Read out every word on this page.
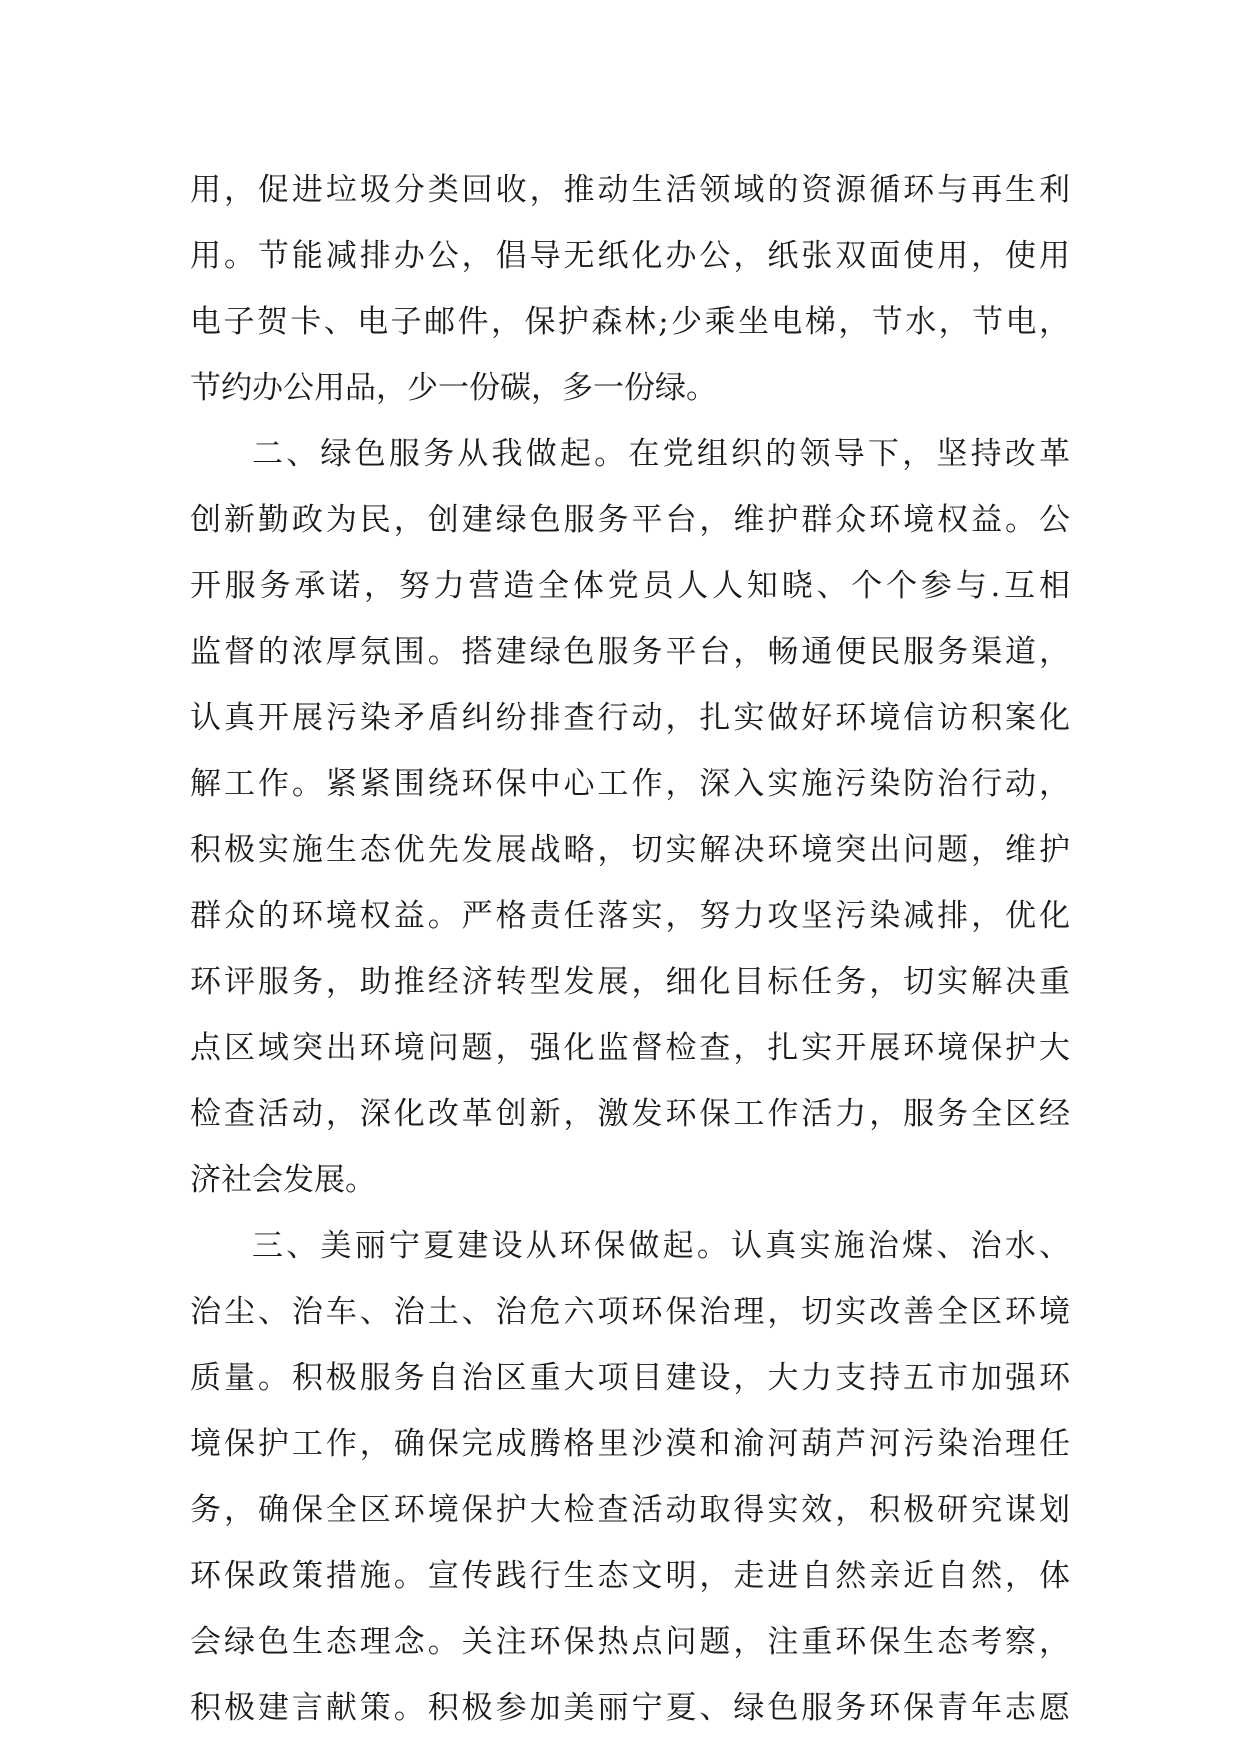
用，促进垃圾分类回收，推动生活领域的资源循环与再生利
用。节能减排办公，倡导无纸化办公，纸张双面使用，使用
电子贺卡、电子邮件，保护森林;少乘坐电梯，节水，节电，
节约办公用品，少一份碳，多一份绿。
二、绿色服务从我做起。在党组织的领导下，坚持改革
创新勤政为民，创建绿色服务平台，维护群众环境权益。公
开服务承诺，努力营造全体党员人人知晓、个个参与.互相
监督的浓厚氛围。搭建绿色服务平台，畅通便民服务渠道，
认真开展污染矛盾纠纷排查行动，扎实做好环境信访积案化
解工作。紧紧围绕环保中心工作，深入实施污染防治行动，
积极实施生态优先发展战略，切实解决环境突出问题，维护
群众的环境权益。严格责任落实，努力攻坚污染减排，优化
环评服务，助推经济转型发展，细化目标任务，切实解决重
点区域突出环境问题，强化监督检查，扎实开展环境保护大
检查活动，深化改革创新，激发环保工作活力，服务全区经
济社会发展。
三、美丽宁夏建设从环保做起。认真实施治煤、治水、
治尘、治车、治土、治危六项环保治理，切实改善全区环境
质量。积极服务自治区重大项目建设，大力支持五市加强环
境保护工作，确保完成腾格里沙漠和渝河葫芦河污染治理任
务，确保全区环境保护大检查活动取得实效，积极研究谋划
环保政策措施。宣传践行生态文明，走进自然亲近自然，体
会绿色生态理念。关注环保热点问题，注重环保生态考察，
积极建言献策。积极参加美丽宁夏、绿色服务环保青年志愿
